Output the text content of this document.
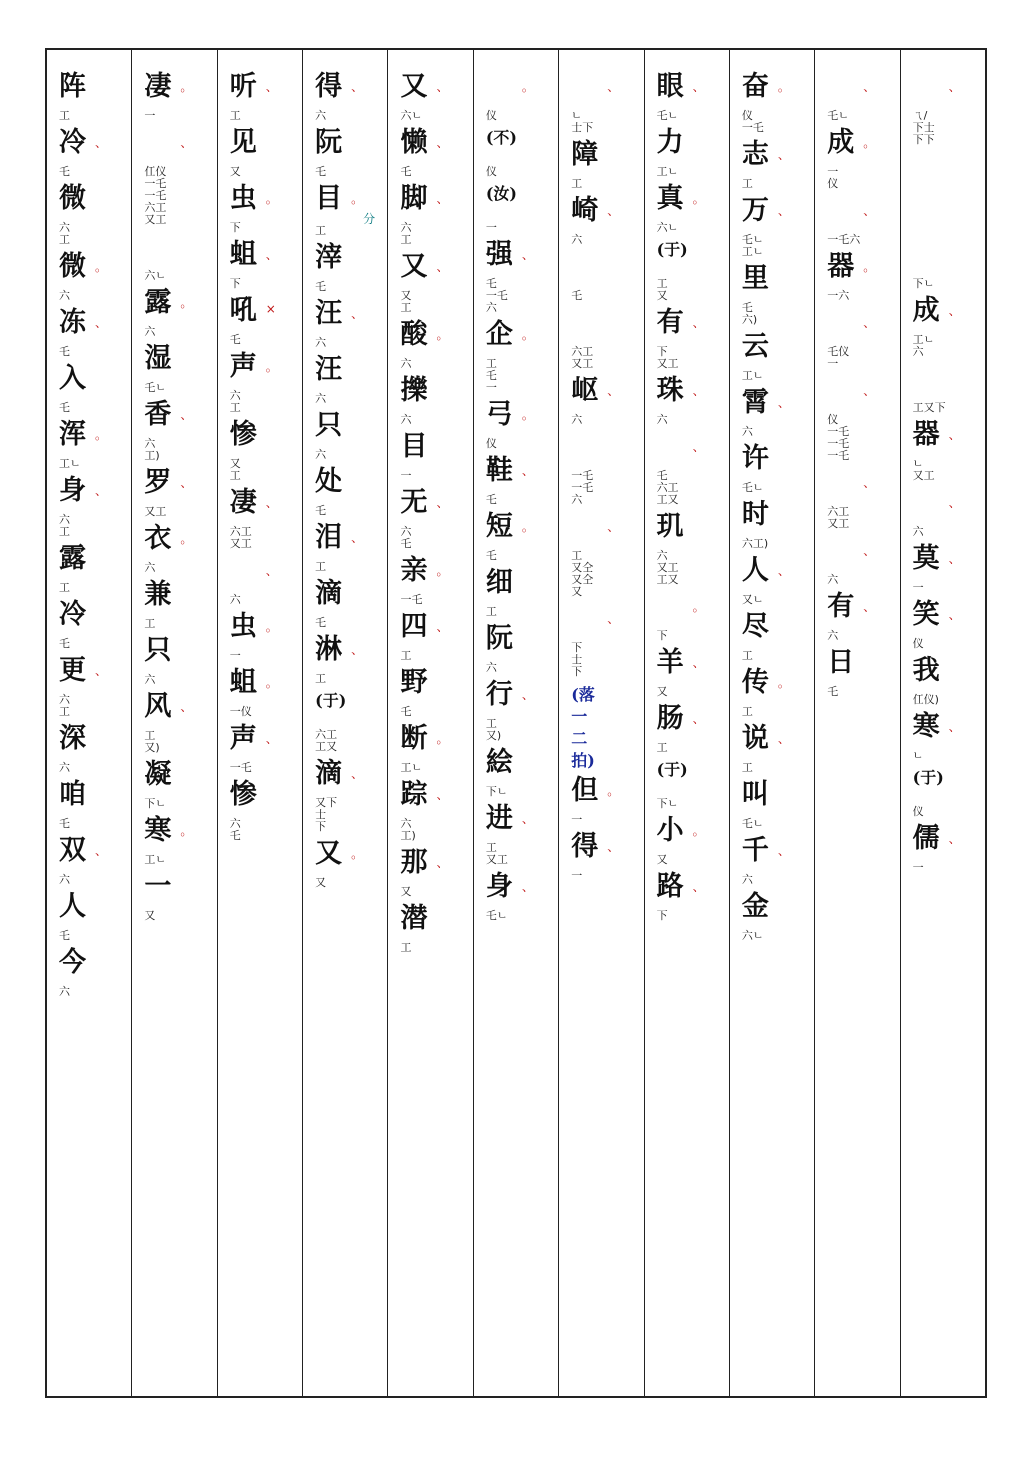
、
ㄟ/
下士
下下
下ㄴ
成 、
工ㄴ
六
工又下
器 、
ㄴ
又工
、
六
莫 、
一
笑 、
仪
我
仜仪)
寒 、
ㄴ
(于)
仪
儒 、
一
、
乇ㄴ
成 。
一
仪
、
一乇六
器 。
一六
、
乇仪
一
、
仪
一乇
一乇
一乇
、
六工
又工
、
六
有 、
六
日
乇
奋 。
仪
一乇
志 、
工
万 、
乇ㄴ
工ㄴ
里
乇
六)
云
工ㄴ
霄 、
六
许
乇ㄴ
时
六工)
人 、
又ㄴ
尽
工
传 。
工
说 、
工
叫
乇ㄴ
千 、
六
金
六ㄴ
眼 、
乇ㄴ
力
工ㄴ
真 。
六ㄴ
(于)
工
又
有 、
下
又工
珠 、
六
、
乇
六工
工又
玑
六
又工
工又
。
下
羊 、
又
肠 、
工
(于)
下ㄴ
小 。
又
路 、
下
、
ㄴ
士下
障
工
崎 、
六
乇
六工
又工
岖 、
六
一乇
一乇
六
、
工
又仝
又仝
又
、
下
士
下
(落一二拍)
但 。
一
得 、
一
。
仪
(不)
仪
(汝)
一
强 、
乇
一乇
六
企 。
工
乇
一
弓 。
仪
鞋 、
乇
短 。
乇
细
工
阮
六
行 、
工
又)
絵
下ㄴ
进 、
工
又工
身 、
乇ㄴ
又 、
六ㄴ
懒 、
乇
脚 、
六
工
又 、
又
工
酸 。
六
擽
六
目
一
无 、
六
乇
亲 。
一乇
四 、
工
野
乇
断 。
工ㄴ
踪 、
六
工)
那 、
又
潜
工
得 、
六
阮
乇
目 。
分
工
滓
乇
汪 、
六
汪
六
只
六
处
乇
泪 、
工
滴
乇
淋 、
工
(于)
六工
工又
滴 、
又下
士
下
又 。
又
听 、
工
见
又
虫 。
下
蛆 、
下
吼 ×
乇
声 。
六
工
惨
又
工
凄 、
六工
又工
、
六
虫 。
一
蛆 。
一仪
声 、
一乇
惨
六
乇
凄 。
一
、
仜仪
一乇
一乇
六工
又工
六ㄴ
露 。
六
湿
乇ㄴ
香 、
六
工)
罗 、
又工
衣 。
六
兼
工
只
六
风 、
工
又)
凝
下ㄴ
寒 。
工ㄴ
一
又
阵
工
冷 、
乇
微
六
工
微 。
六
冻 、
乇
入
乇
浑 。
工ㄴ
身 、
六
工
露
工
冷
乇
更 、
六
工
深
六
咱
乇
双 、
六
人
乇
今
六
